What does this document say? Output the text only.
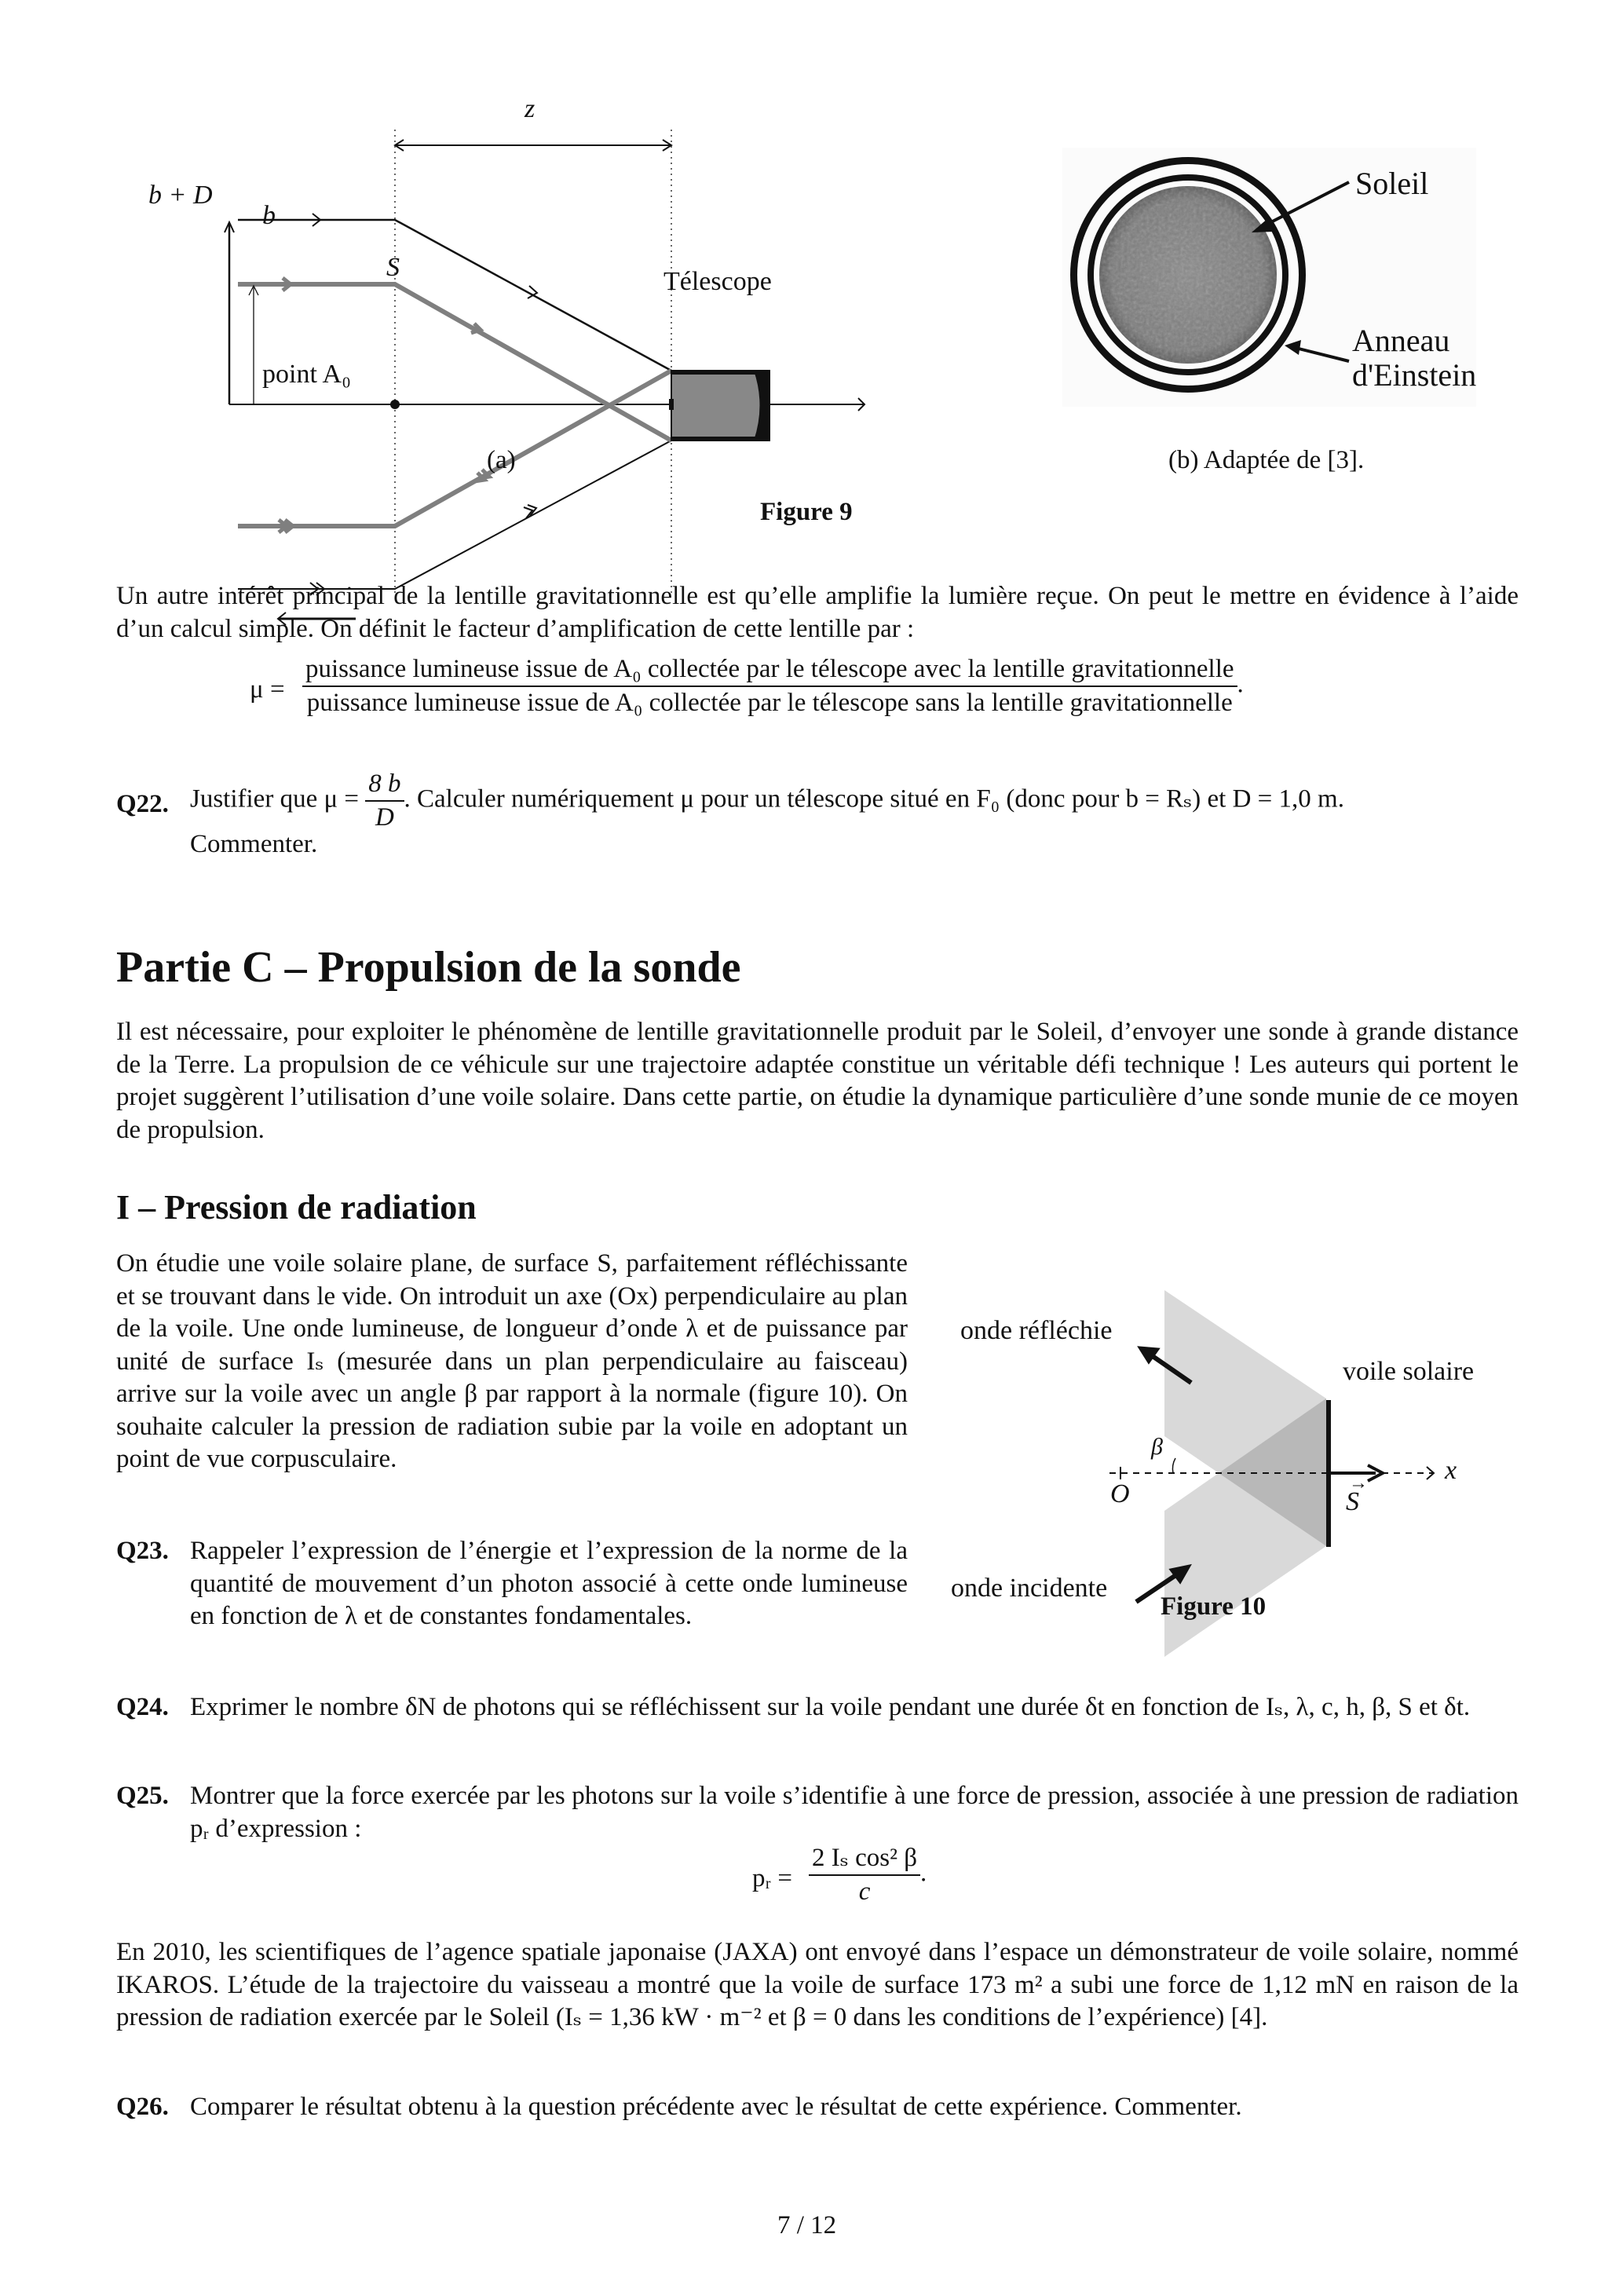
z
b + D
b
S	Télescope
point A₀
(a)
Soleil
Anneau
d'Einstein
(b) Adaptée de [3].
Figure 9
Un autre intérêt principal de la lentille gravitationnelle est qu’elle amplifie la lumière reçue. On peut le mettre en évidence à l’aide d’un calcul simple. On définit le facteur d’amplification de cette lentille par :
μ =
puissance lumineuse issue de A₀ collectée par le télescope avec la lentille gravitationnelle
puissance lumineuse issue de A₀ collectée par le télescope sans la lentille gravitationnelle
.
Q22. Justifier que $\mu = \frac{8 b}{D}$ . Calculer numériquement μ pour un télescope situé en F₀ (donc pour b = Rₛ) et D = 1,0 m.
Commenter.
Partie C – Propulsion de la sonde
Il est nécessaire, pour exploiter le phénomène de lentille gravitationnelle produit par le Soleil, d’envoyer une sonde à grande distance de la Terre. La propulsion de ce véhicule sur une trajectoire adaptée constitue un véritable défi technique ! Les auteurs qui portent le projet suggèrent l’utilisation d’une voile solaire. Dans cette partie, on étudie la dynamique particulière d’une sonde munie de ce moyen de propulsion.
I – Pression de radiation
On étudie une voile solaire plane, de surface S, parfaitement réfléchissante et se trouvant dans le vide. On introduit un axe (Ox) perpendiculaire au plan de la voile. Une onde lumineuse, de longueur d’onde λ et de puissance par unité de surface Iₛ (mesurée dans un plan perpendiculaire au faisceau) arrive sur la voile avec un angle β par rapport à la normale (figure 10). On souhaite calculer la pression de radiation subie par la voile en adoptant un point de vue corpusculaire.
onde réfléchie
onde incidente
voile solaire
β
O
x
→
S
Figure 10
Q23. Rappeler l’expression de l’énergie et l’expression de la norme de la quantité de mouvement d’un photon associé à cette onde lumineuse en fonction de λ et de constantes fondamentales.
Q24. Exprimer le nombre δN de photons qui se réfléchissent sur la voile pendant une durée δt en fonction de Iₛ, λ, c, h, β, S et δt.
Q25. Montrer que la force exercée par les photons sur la voile s’identifie à une force de pression, associée à une pression de radiation pᵣ d’expression :
pᵣ = $\frac{\text{2 Iₛ cos² β}}{c}$ .
En 2010, les scientifiques de l’agence spatiale japonaise (JAXA) ont envoyé dans l’espace un démonstrateur de voile solaire, nommé IKAROS. L’étude de la trajectoire du vaisseau a montré que la voile de surface 173 m² a subi une force de 1,12 mN en raison de la pression de radiation exercée par le Soleil (Iₛ = 1,36 kW · m⁻² et β = 0 dans les conditions de l’expérience) [4].
Q26. Comparer le résultat obtenu à la question précédente avec le résultat de cette expérience. Commenter.
7 / 12
